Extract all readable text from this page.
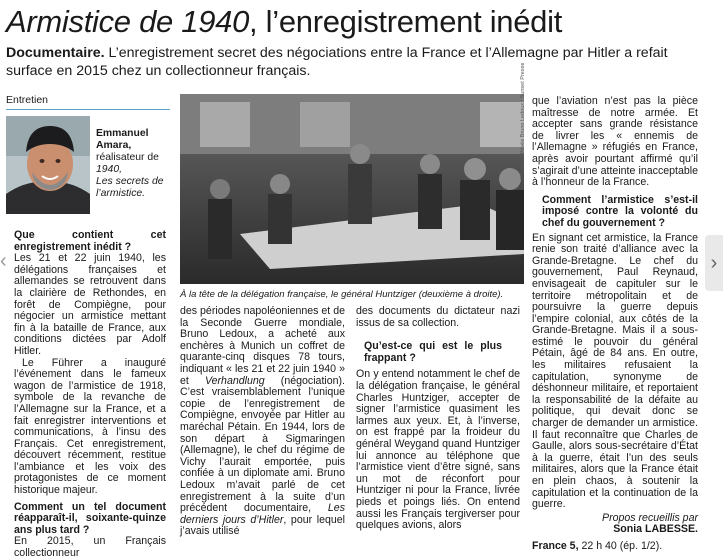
Armistice de 1940, l’enregistrement inédit
Documentaire. L’enregistrement secret des négociations entre la France et l’Allemagne par Hitler a refait surface en 2015 chez un collectionneur français.
Entretien
Emmanuel Amara,
réalisateur de 1940,
Les secrets de l’armistice.
Collection Privée Bruno Ledoux / Sunset Presse
À la tête de la délégation française, le général Huntziger (deuxième à droite).

Que contient cet enregistrement inédit ?

Les 21 et 22 juin 1940, les délégations françaises et allemandes se retrouvent dans la clairière de Rethondes, en forêt de Compiègne, pour négocier un armistice mettant fin à la bataille de France, aux conditions dictées par Adolf Hitler.

Le Führer a inauguré l’événement dans le fameux wagon de l’armistice de 1918, symbole de la revanche de l’Allemagne sur la France, et a fait enregistrer interventions et communications, à l’insu des Français. Cet enregistrement, découvert récemment, restitue l’ambiance et les voix des protagonistes de ce moment historique majeur.

Comment un tel document réapparaît-il, soixante-quinze ans plus tard ?

En 2015, un Français collectionneur

des périodes napoléoniennes et de la Seconde Guerre mondiale, Bruno Ledoux, a acheté aux enchères à Munich un coffret de quarante-cinq disques 78 tours, indiquant « les 21 et 22 juin 1940 » et Verhandlung (négociation). C’est vraisemblablement l’unique copie de l’enregistrement de Compiègne, envoyée par Hitler au maréchal Pétain. En 1944, lors de son départ à Sigmaringen (Allemagne), le chef du régime de Vichy l’aurait emportée, puis confiée à un diplomate ami. Bruno Ledoux m’avait parlé de cet enregistrement à la suite d’un précédent documentaire, Les derniers jours d’Hitler, pour lequel j’avais utilisé

des documents du dictateur nazi issus de sa collection.

Qu’est-ce qui est le plus frappant ?

On y entend notamment le chef de la délégation française, le général Charles Huntziger, accepter de signer l’armistice quasiment les larmes aux yeux. Et, à l’inverse, on est frappé par la froideur du général Weygand quand Huntziger lui annonce au téléphone que l’armistice vient d’être signé, sans un mot de réconfort pour Huntziger ni pour la France, livrée pieds et poings liés. On entend aussi les Français tergiverser pour quelques avions, alors

que l’aviation n’est pas la pièce maîtresse de notre armée. Et accepter sans grande résistance de livrer les « ennemis de l’Allemagne » réfugiés en France, après avoir pourtant affirmé qu’il s’agirait d’une atteinte inacceptable à l’honneur de la France.

Comment l’armistice s’est-il imposé contre la volonté du chef du gouvernement ?

En signant cet armistice, la France renie son traité d’alliance avec la Grande-Bretagne. Le chef du gouvernement, Paul Reynaud, envisageait de capituler sur le territoire métropolitain et de poursuivre la guerre depuis l’empire colonial, aux côtés de la Grande-Bretagne. Mais il a sous-estimé le pouvoir du général Pétain, âgé de 84 ans. En outre, les militaires refusaient la capitulation, synonyme de déshonneur militaire, et reportaient la responsabilité de la défaite au politique, qui devait donc se charger de demander un armistice. Il faut reconnaître que Charles de Gaulle, alors sous-secrétaire d’État à la guerre, était l’un des seuls militaires, alors que la France était en plein chaos, à soutenir la capitulation et la continuation de la guerre.

Propos recueillis par
Sonia LABESSE.

France 5, 22 h 40 (ép. 1/2).

‹	›
